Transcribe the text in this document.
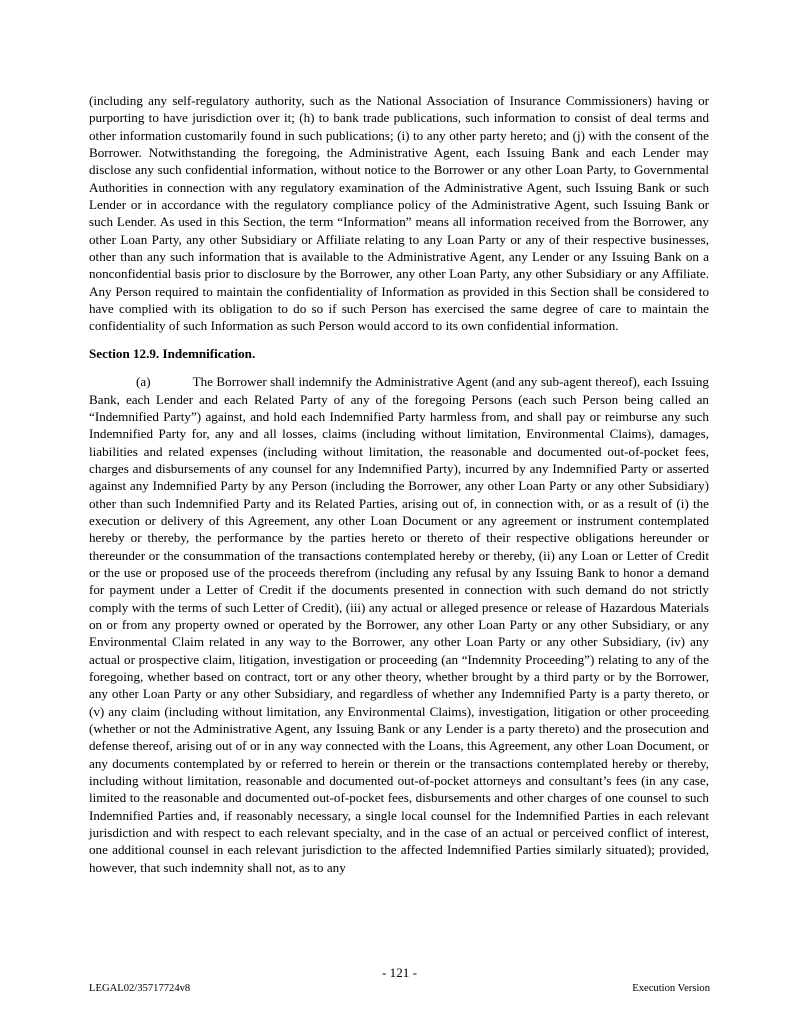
(including any self-regulatory authority, such as the National Association of Insurance Commissioners) having or purporting to have jurisdiction over it; (h) to bank trade publications, such information to consist of deal terms and other information customarily found in such publications; (i) to any other party hereto; and (j) with the consent of the Borrower. Notwithstanding the foregoing, the Administrative Agent, each Issuing Bank and each Lender may disclose any such confidential information, without notice to the Borrower or any other Loan Party, to Governmental Authorities in connection with any regulatory examination of the Administrative Agent, such Issuing Bank or such Lender or in accordance with the regulatory compliance policy of the Administrative Agent, such Issuing Bank or such Lender. As used in this Section, the term “Information” means all information received from the Borrower, any other Loan Party, any other Subsidiary or Affiliate relating to any Loan Party or any of their respective businesses, other than any such information that is available to the Administrative Agent, any Lender or any Issuing Bank on a nonconfidential basis prior to disclosure by the Borrower, any other Loan Party, any other Subsidiary or any Affiliate. Any Person required to maintain the confidentiality of Information as provided in this Section shall be considered to have complied with its obligation to do so if such Person has exercised the same degree of care to maintain the confidentiality of such Information as such Person would accord to its own confidential information.

Section 12.9. Indemnification.

(a)	The Borrower shall indemnify the Administrative Agent (and any sub-agent thereof), each Issuing Bank, each Lender and each Related Party of any of the foregoing Persons (each such Person being called an “Indemnified Party”) against, and hold each Indemnified Party harmless from, and shall pay or reimburse any such Indemnified Party for, any and all losses, claims (including without limitation, Environmental Claims), damages, liabilities and related expenses (including without limitation, the reasonable and documented out-of-pocket fees, charges and disbursements of any counsel for any Indemnified Party), incurred by any Indemnified Party or asserted against any Indemnified Party by any Person (including the Borrower, any other Loan Party or any other Subsidiary) other than such Indemnified Party and its Related Parties, arising out of, in connection with, or as a result of (i) the execution or delivery of this Agreement, any other Loan Document or any agreement or instrument contemplated hereby or thereby, the performance by the parties hereto or thereto of their respective obligations hereunder or thereunder or the consummation of the transactions contemplated hereby or thereby, (ii) any Loan or Letter of Credit or the use or proposed use of the proceeds therefrom (including any refusal by any Issuing Bank to honor a demand for payment under a Letter of Credit if the documents presented in connection with such demand do not strictly comply with the terms of such Letter of Credit), (iii) any actual or alleged presence or release of Hazardous Materials on or from any property owned or operated by the Borrower, any other Loan Party or any other Subsidiary, or any Environmental Claim related in any way to the Borrower, any other Loan Party or any other Subsidiary, (iv) any actual or prospective claim, litigation, investigation or proceeding (an “Indemnity Proceeding”) relating to any of the foregoing, whether based on contract, tort or any other theory, whether brought by a third party or by the Borrower, any other Loan Party or any other Subsidiary, and regardless of whether any Indemnified Party is a party thereto, or (v) any claim (including without limitation, any Environmental Claims), investigation, litigation or other proceeding (whether or not the Administrative Agent, any Issuing Bank or any Lender is a party thereto) and the prosecution and defense thereof, arising out of or in any way connected with the Loans, this Agreement, any other Loan Document, or any documents contemplated by or referred to herein or therein or the transactions contemplated hereby or thereby, including without limitation, reasonable and documented out-of-pocket attorneys and consultant’s fees (in any case, limited to the reasonable and documented out-of-pocket fees, disbursements and other charges of one counsel to such Indemnified Parties and, if reasonably necessary, a single local counsel for the Indemnified Parties in each relevant jurisdiction and with respect to each relevant specialty, and in the case of an actual or perceived conflict of interest, one additional counsel in each relevant jurisdiction to the affected Indemnified Parties similarly situated); provided, however, that such indemnity shall not, as to any

- 121 -
LEGAL02/35717724v8	Execution Version
